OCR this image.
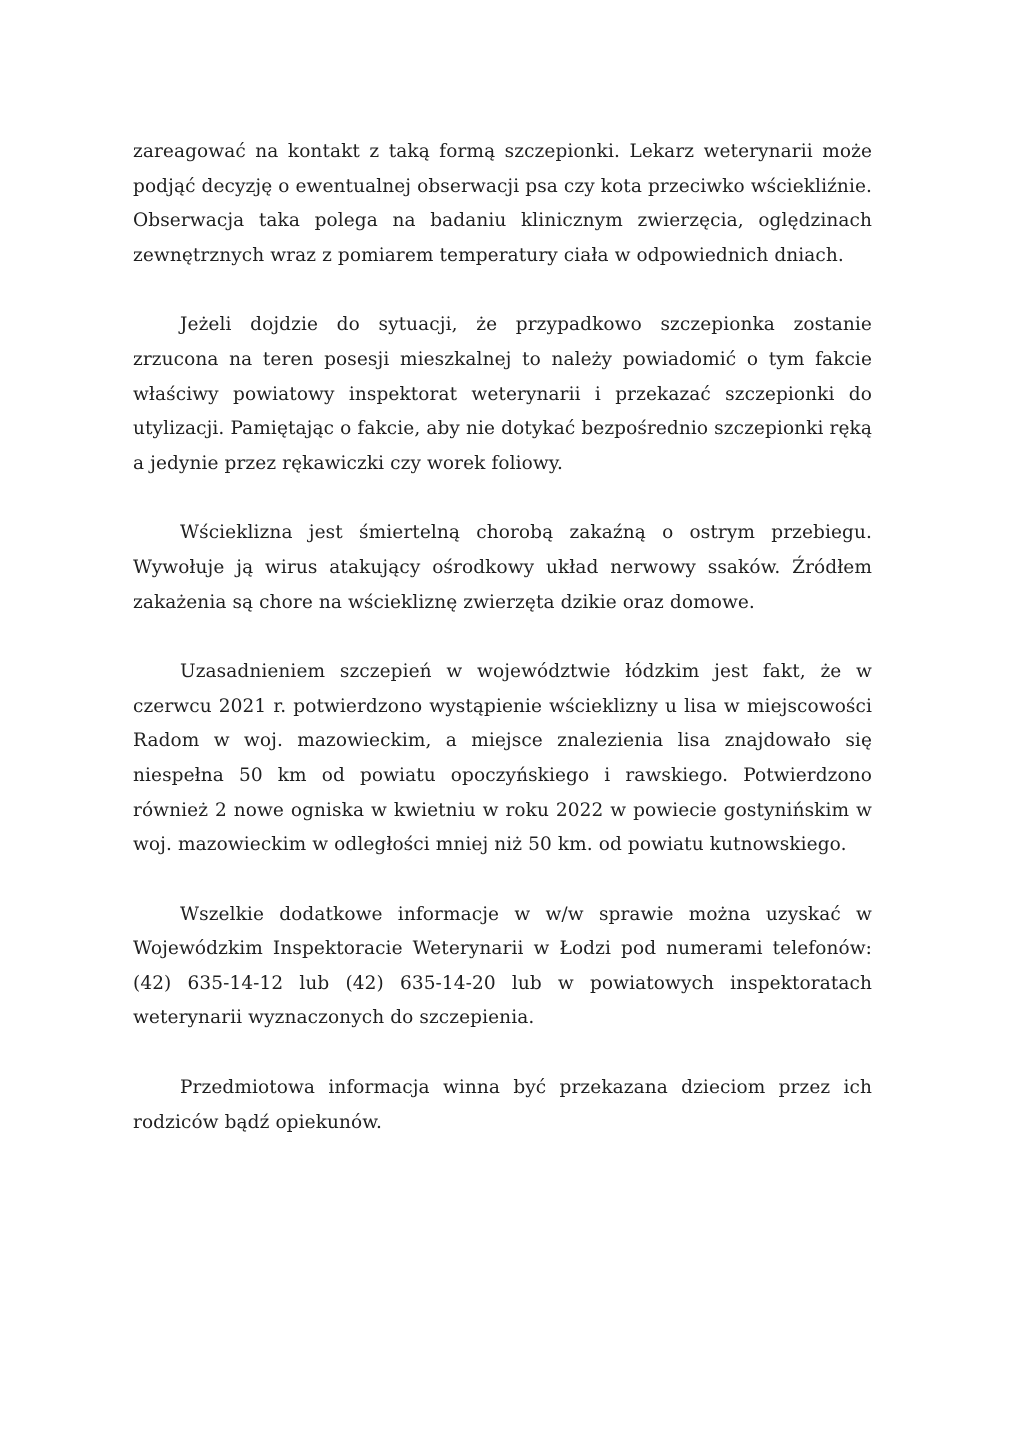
zareagować na kontakt z taką formą szczepionki. Lekarz weterynarii może podjąć decyzję o ewentualnej obserwacji psa czy kota przeciwko wściekliźnie. Obserwacja taka polega na badaniu klinicznym zwierzęcia, oględzinach zewnętrznych wraz z pomiarem temperatury ciała w odpowiednich dniach.

Jeżeli dojdzie do sytuacji, że przypadkowo szczepionka zostanie zrzucona na teren posesji mieszkalnej to należy powiadomić o tym fakcie właściwy powiatowy inspektorat weterynarii i przekazać szczepionki do utylizacji. Pamiętając o fakcie, aby nie dotykać bezpośrednio szczepionki ręką a jedynie przez rękawiczki czy worek foliowy.

Wścieklizna jest śmiertelną chorobą zakaźną o ostrym przebiegu. Wywołuje ją wirus atakujący ośrodkowy układ nerwowy ssaków. Źródłem zakażenia są chore na wściekliznę zwierzęta dzikie oraz domowe.

Uzasadnieniem szczepień w województwie łódzkim jest fakt, że w czerwcu 2021 r. potwierdzono wystąpienie wścieklizny u lisa w miejscowości Radom w woj. mazowieckim, a miejsce znalezienia lisa znajdowało się niespełna 50 km od powiatu opoczyńskiego i rawskiego. Potwierdzono również 2 nowe ogniska w kwietniu w roku 2022 w powiecie gostynińskim w woj. mazowieckim w odległości mniej niż 50 km. od powiatu kutnowskiego.

Wszelkie dodatkowe informacje w w/w sprawie można uzyskać w Wojewódzkim Inspektoracie Weterynarii w Łodzi pod numerami telefonów: (42) 635-14-12 lub (42) 635-14-20 lub w powiatowych inspektoratach weterynarii wyznaczonych do szczepienia.

Przedmiotowa informacja winna być przekazana dzieciom przez ich rodziców bądź opiekunów.
